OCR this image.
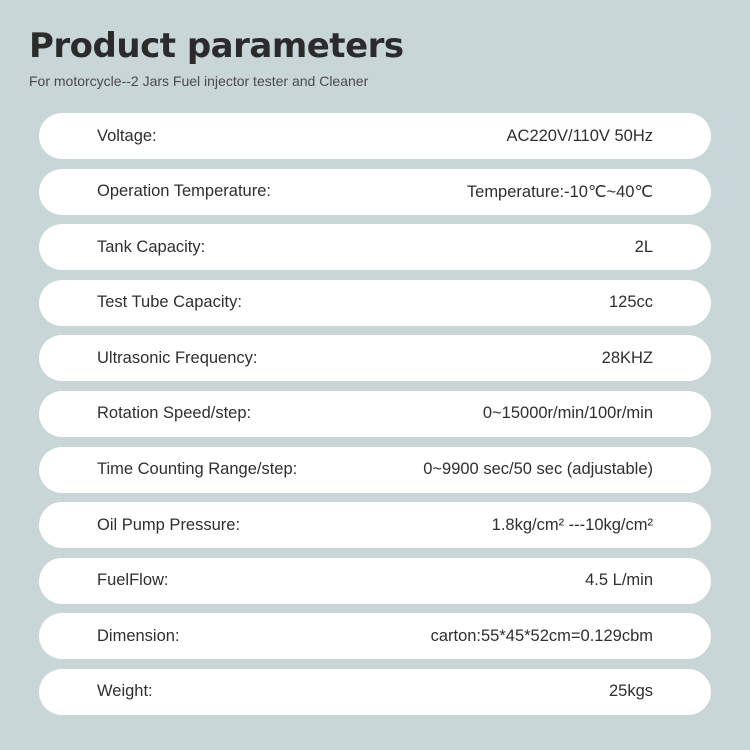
Product parameters
For motorcycle--2 Jars Fuel injector tester and Cleaner
Voltage:	AC220V/110V 50Hz
Operation Temperature:	Temperature:-10℃~40℃
Tank Capacity:	2L
Test Tube Capacity:	125cc
Ultrasonic Frequency:	28KHZ
Rotation Speed/step:	0~15000r/min/100r/min
Time Counting Range/step:	0~9900 sec/50 sec (adjustable)
Oil Pump Pressure:	1.8kg/cm² ---10kg/cm²
FuelFlow:	4.5 L/min
Dimension:	carton:55*45*52cm=0.129cbm
Weight:	25kgs
